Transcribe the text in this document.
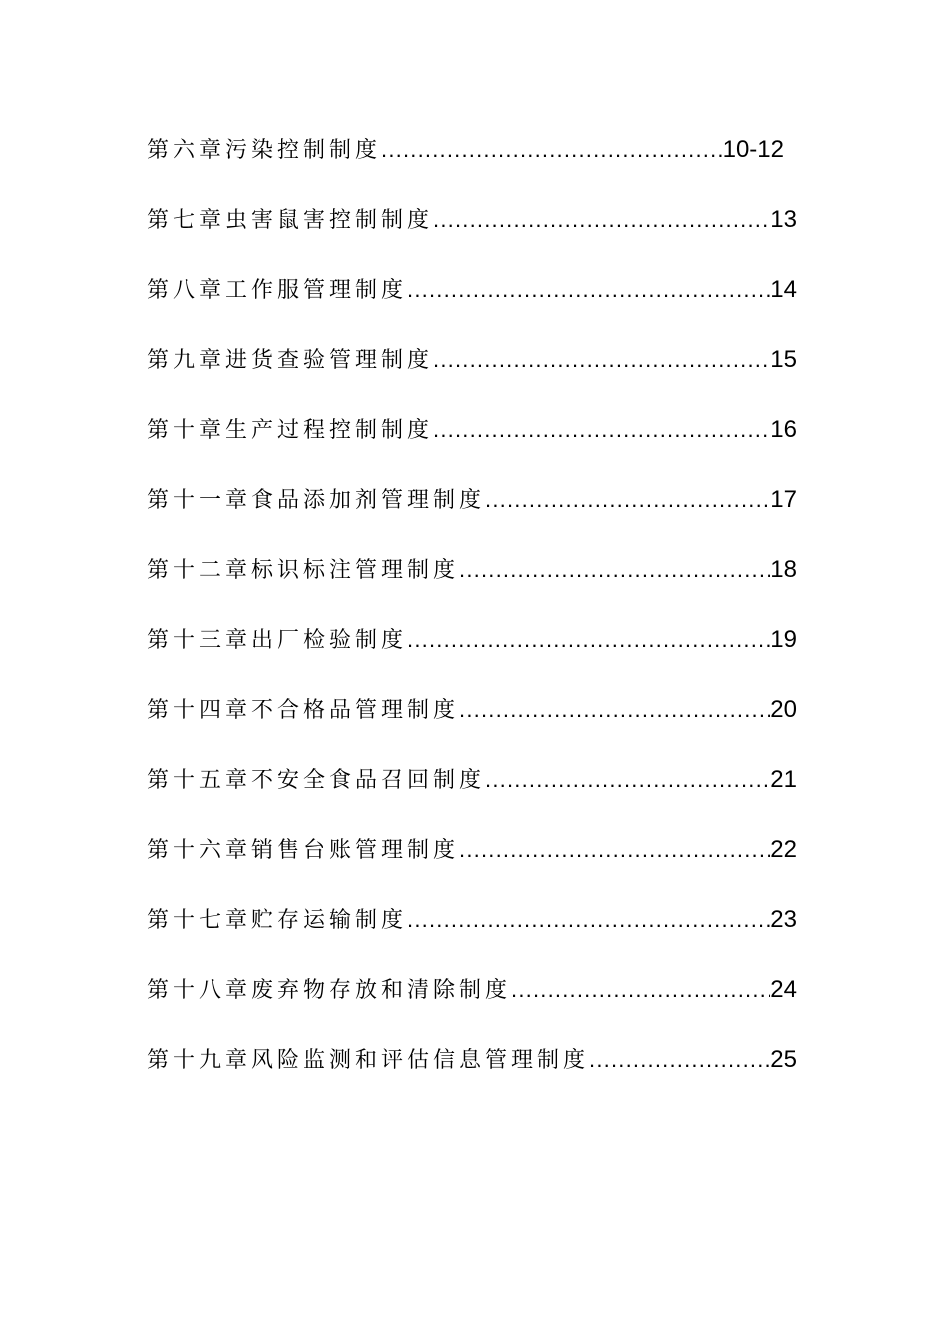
第六章 污染控制制度 .....	10-12
第七章 虫害鼠害控制制度 .....	13
第八章 工作服管理制度 .....	14
第九章 进货查验管理制度 .....	15
第十章 生产过程控制制度 .....	16
第十一章 食品添加剂管理制度 .....	17
第十二章 标识标注管理制度 .....	18
第十三章 出厂检验制度 .....	19
第十四章 不合格品管理制度 .....	20
第十五章 不安全食品召回制度 .....	21
第十六章 销售台账管理制度 .....	22
第十七章 贮存运输制度 .....	23
第十八章 废弃物存放和清除制度 .....	24
第十九章 风险监测和评估信息管理制度 .....	25
